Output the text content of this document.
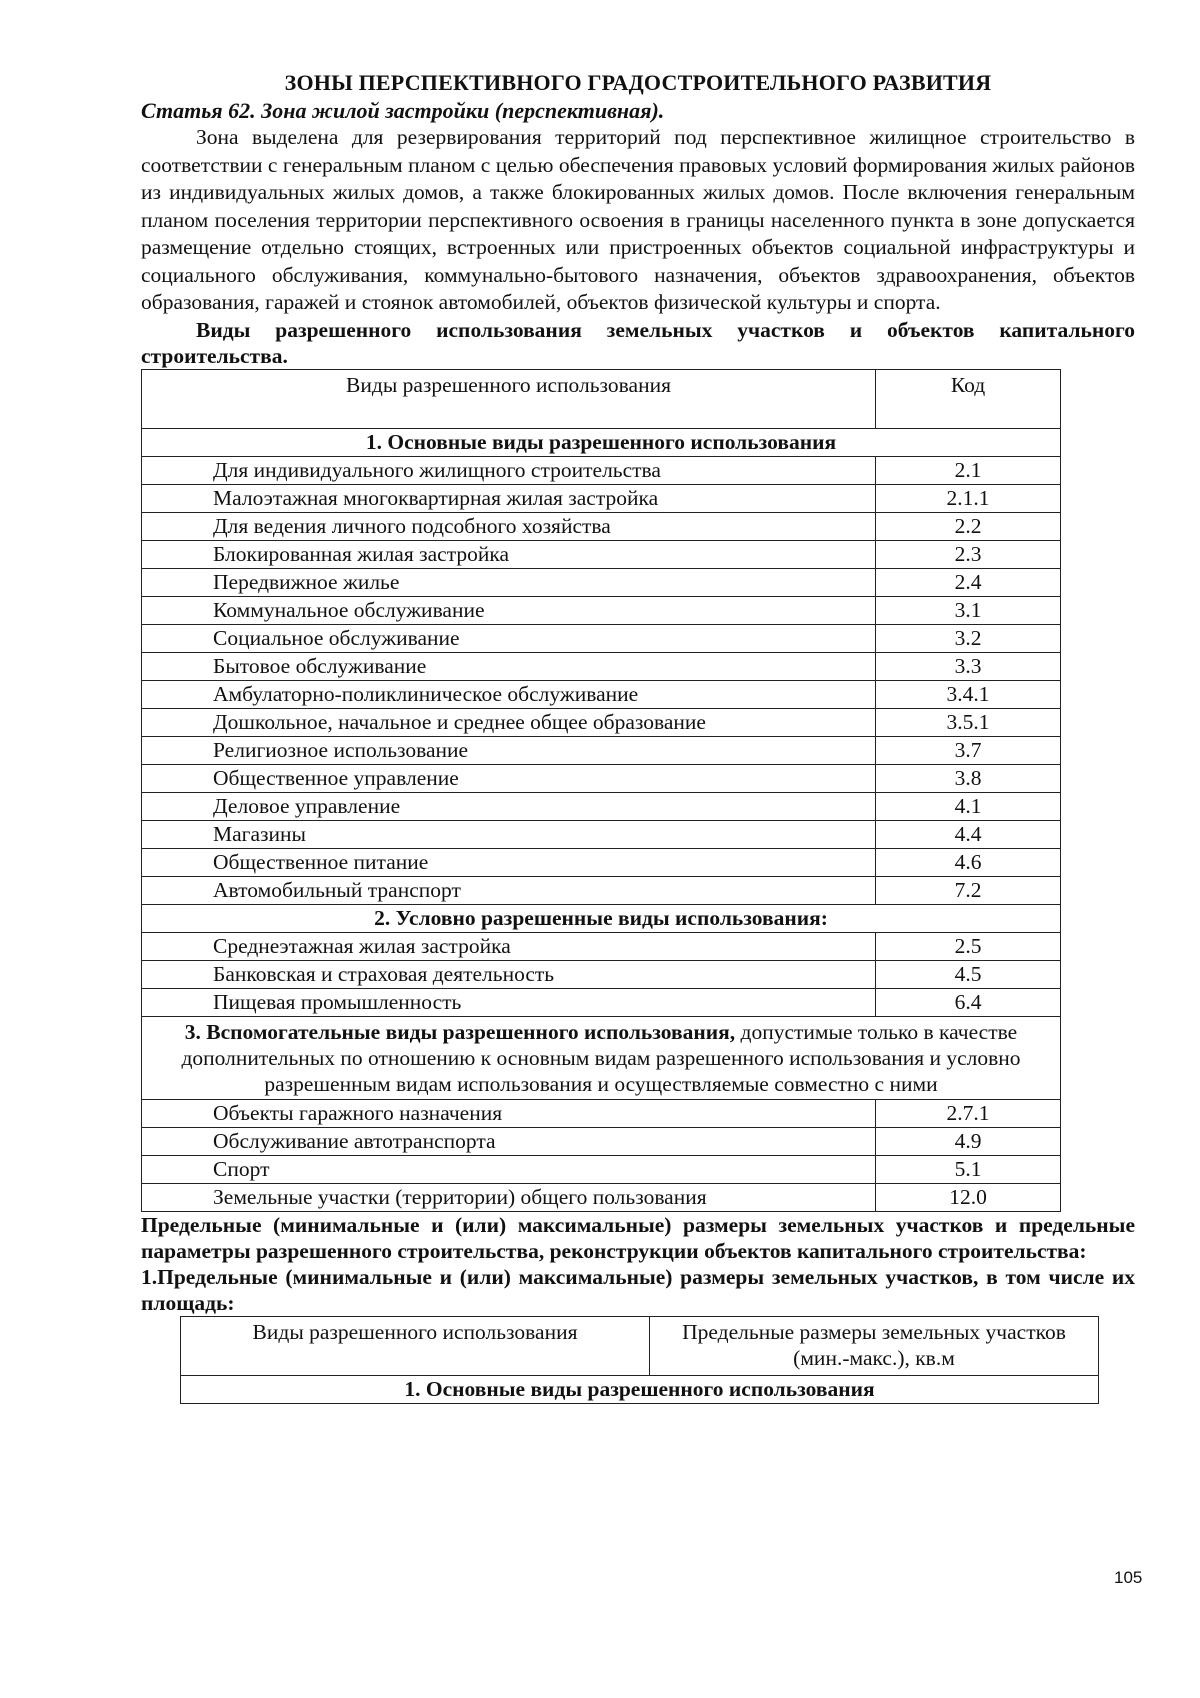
ЗОНЫ ПЕРСПЕКТИВНОГО ГРАДОСТРОИТЕЛЬНОГО РАЗВИТИЯ

Статья 62. Зона жилой застройки (перспективная).

Зона выделена для резервирования территорий под перспективное жилищное строительство в соответствии с генеральным планом с целью обеспечения правовых условий формирования жилых районов из индивидуальных жилых домов, а также блокированных жилых домов. После включения генеральным планом поселения территории перспективного освоения в границы населенного пункта в зоне допускается размещение отдельно стоящих, встроенных или пристроенных объектов социальной инфраструктуры и социального обслуживания, коммунально-бытового назначения, объектов здравоохранения, объектов образования, гаражей и стоянок автомобилей, объектов физической культуры и спорта.

Виды разрешенного использования земельных участков и объектов капитального строительства.

Виды разрешенного использования	Код
1. Основные виды разрешенного использования	
Для индивидуального жилищного строительства	2.1
Малоэтажная многоквартирная жилая застройка	2.1.1
Для ведения личного подсобного хозяйства	2.2
Блокированная жилая застройка	2.3
Передвижное жилье	2.4
Коммунальное обслуживание	3.1
Социальное обслуживание	3.2
Бытовое обслуживание	3.3
Амбулаторно-поликлиническое обслуживание	3.4.1
Дошкольное, начальное и среднее общее образование	3.5.1
Религиозное использование	3.7
Общественное управление	3.8
Деловое управление	4.1
Магазины	4.4
Общественное питание	4.6
Автомобильный транспорт	7.2
2. Условно разрешенные виды использования:	
Среднеэтажная жилая застройка	2.5
Банковская и страховая деятельность	4.5
Пищевая промышленность	6.4
3. Вспомогательные виды разрешенного использования, допустимые только в качестве дополнительных по отношению к основным видам разрешенного использования и условно разрешенным видам использования и осуществляемые совместно с ними	
Объекты гаражного назначения	2.7.1
Обслуживание автотранспорта	4.9
Спорт	5.1
Земельные участки (территории) общего пользования	12.0

Предельные (минимальные и (или) максимальные) размеры земельных участков и предельные параметры разрешенного строительства, реконструкции объектов капитального строительства:

1.Предельные (минимальные и (или) максимальные) размеры земельных участков, в том числе их площадь:

Виды разрешенного использования	Предельные размеры земельных участков (мин.-макс.), кв.м
1. Основные виды разрешенного использования
105
